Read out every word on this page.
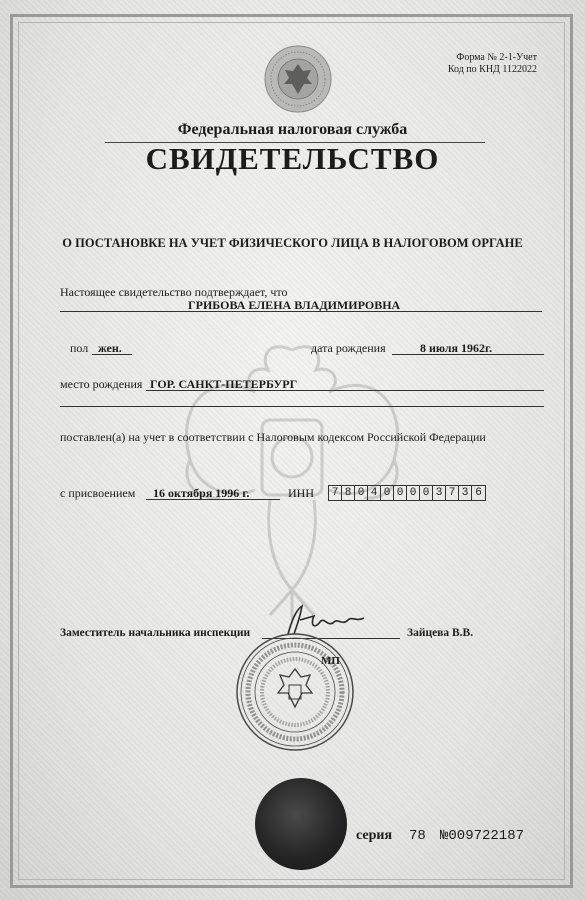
Форма № 2-1-Учет
Код по КНД 1122022
Федеральная налоговая служба
СВИДЕТЕЛЬСТВО
О ПОСТАНОВКЕ НА УЧЕТ ФИЗИЧЕСКОГО ЛИЦА В НАЛОГОВОМ ОРГАНЕ
Настоящее свидетельство подтверждает, что
ГРИБОВА ЕЛЕНА ВЛАДИМИРОВНА
пол жен.	дата рождения	8 июля 1962г.
место рождения ГОР. САНКТ-ПЕТЕРБУРГ
поставлен(а) на учет в соответствии с Налоговым кодексом Российской Федерации
с присвоением 16 октября 1996 г.	ИНН 7 8 0 4 0 0 0 0 3 7 3 6
Заместитель начальника инспекции	Зайцева В.В.
МП
серия 78 №009722187
